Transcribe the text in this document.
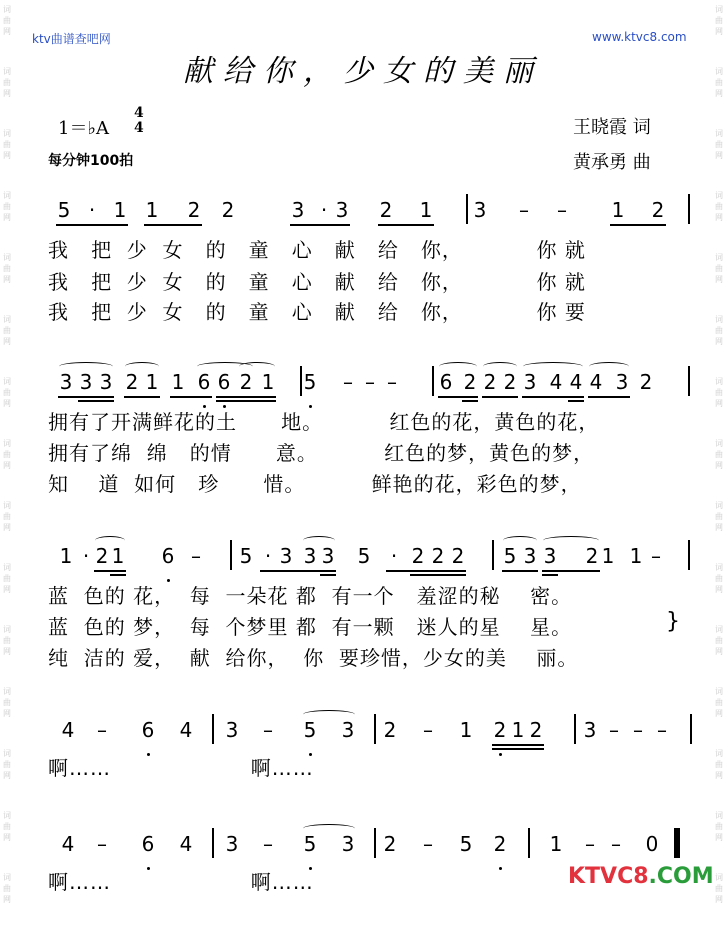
词
曲
网
词
曲
网
词
曲
网
词
曲
网
词
曲
网
词
曲
网
词
曲
网
词
曲
网
词
曲
网
词
曲
网
词
曲
网
词
曲
网
词
曲
网
词
曲
网
词
曲
网
词
曲
网
词
曲
网
词
曲
网
词
曲
网
词
曲
网
词
曲
网
词
曲
网
词
曲
网
词
曲
网
词
曲
网
词
曲
网
词
曲
网
词
曲
网
词
曲
网
词
曲
网
ktv曲谱查吧网	www.ktvc8.com
献给你，少女的美丽
1＝♭A
4
4
每分钟100拍
王晓霞 词
黄承勇 曲
5 · 1 1 2 2	3 · 3 2 1 3 – – 1 2
我   把  少  女   的   童   心   献   给   你，          你 就
我   把  少  女   的   童   心   献   给   你，          你 就
我   把  少  女   的   童   心   献   给   你，          你 要
3 3 3 2 1 1 6 6 2 1 5 – – – 6 2 2 2 3 4 4 4 3 2
拥有了开满鲜花的土      地。         红色的花，黄色的花，
拥有了绵  绵   的情      意。         红色的梦，黄色的梦，
知    道  如何   珍      惜。         鲜艳的花，彩色的梦，
1 · 2 1 6 – 5 · 3 3 3 5	· 2 2 2 5 3 3 2 1 1 –
蓝  色的 花，  每  一朵花 都  有一个   羞涩的秘    密。
蓝  色的 梦，  每  个梦里 都  有一颗   迷人的星    星。
纯  洁的 爱，  献  给你，  你  要珍惜，少女的美    丽。
}
4 – 6 4 3 – 5 3 2 – 1 2 1 2 3 – – –
啊……                   啊……
4 – 6 4 3 – 5 3 2 – 5 2 1 – – 0
啊……                   啊……	KTVC8.COM
